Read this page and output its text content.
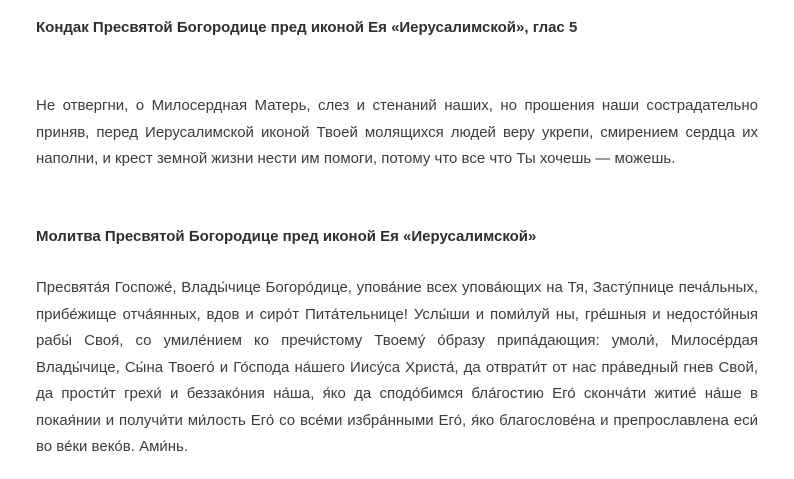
Кондак Пресвятой Богородице пред иконой Ея «Иерусалимской», глас 5
Не отвергни, о Милосердная Матерь, слез и стенаний наших, но прошения наши сострадательно приняв, перед Иерусалимской иконой Твоей молящихся людей веру укрепи, смирением сердца их наполни, и крест земной жизни нести им помоги, потому что все что Ты хочешь — можешь.
Молитва Пресвятой Богородице пред иконой Ея «Иерусалимской»
Пресвята́я Госпоже́, Влады́чице Богоро́дице, упова́ние всех упова́ющих на Тя, Засту́пнице печа́льных, прибе́жище отча́янных, вдов и сиро́т Пита́тельнице! Услы́ши и поми́луй ны, гре́шныя и недосто́йныя рабы́ Своя́, со умиле́нием ко пречи́стому Твоему́ о́бразу припа́дающия: умоли́, Милосе́рдая Влады́чице, Сы́на Твоего́ и Го́спода на́шего Иису́са Христа́, да отврати́т от нас пра́ведный гнев Свой, да прости́т грехи́ и беззако́ния на́ша, я́ко да сподо́бимся бла́гостию Его́ сконча́ти житие́ на́ше в покая́нии и получи́ти ми́лость Его́ со все́ми избра́нными Его́, я́ко благослове́на и препрославлена еси́ во ве́ки веко́в. Ами́нь.
